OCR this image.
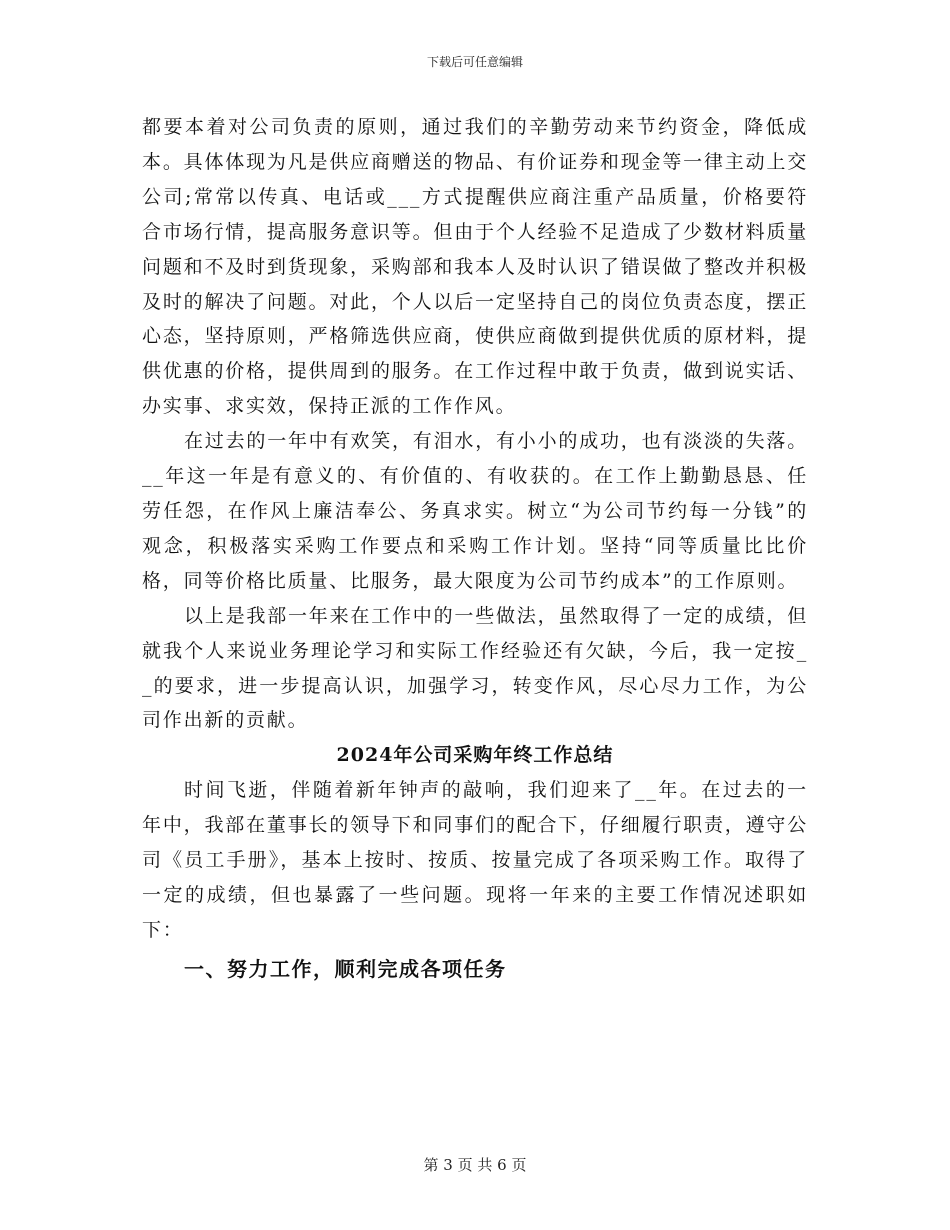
下载后可任意编辑

都要本着对公司负责的原则，通过我们的辛勤劳动来节约资金，降低成本。具体体现为凡是供应商赠送的物品、有价证券和现金等一律主动上交公司;常常以传真、电话或___方式提醒供应商注重产品质量，价格要符合市场行情，提高服务意识等。但由于个人经验不足造成了少数材料质量问题和不及时到货现象，采购部和我本人及时认识了错误做了整改并积极及时的解决了问题。对此，个人以后一定坚持自己的岗位负责态度，摆正心态，坚持原则，严格筛选供应商，使供应商做到提供优质的原材料，提供优惠的价格，提供周到的服务。在工作过程中敢于负责，做到说实话、办实事、求实效，保持正派的工作作风。

在过去的一年中有欢笑，有泪水，有小小的成功，也有淡淡的失落。__年这一年是有意义的、有价值的、有收获的。在工作上勤勤恳恳、任劳任怨，在作风上廉洁奉公、务真求实。树立“为公司节约每一分钱”的观念，积极落实采购工作要点和采购工作计划。坚持“同等质量比比价格，同等价格比质量、比服务，最大限度为公司节约成本”的工作原则。

以上是我部一年来在工作中的一些做法，虽然取得了一定的成绩，但就我个人来说业务理论学习和实际工作经验还有欠缺，今后，我一定按__的要求，进一步提高认识，加强学习，转变作风，尽心尽力工作，为公司作出新的贡献。

2024年公司采购年终工作总结

时间飞逝，伴随着新年钟声的敲响，我们迎来了__年。在过去的一年中，我部在董事长的领导下和同事们的配合下，仔细履行职责，遵守公司《员工手册》，基本上按时、按质、按量完成了各项采购工作。取得了一定的成绩，但也暴露了一些问题。现将一年来的主要工作情况述职如下：

一、努力工作，顺利完成各项任务
第 3 页 共 6 页
